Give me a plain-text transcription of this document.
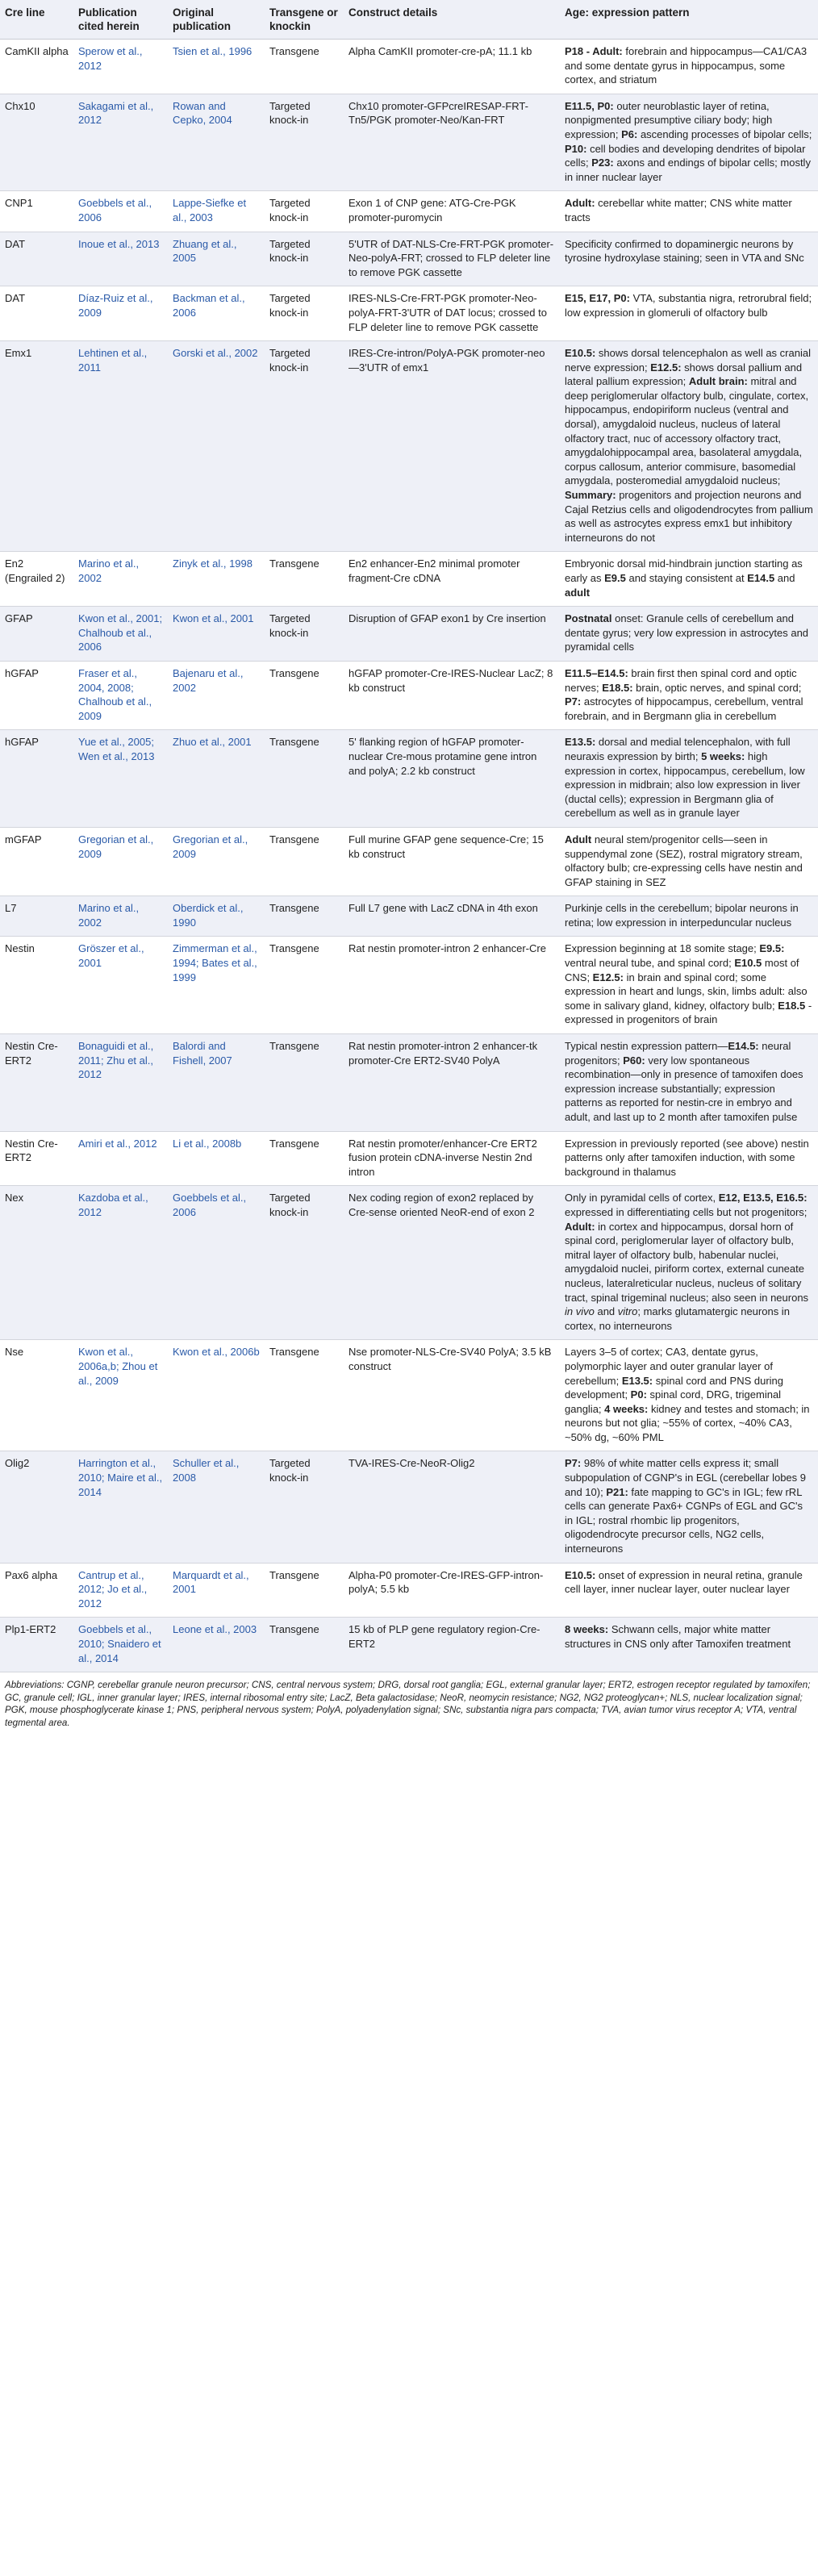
Cre line	Publication cited herein	Original publication	Transgene or knockin	Construct details	Age: expression pattern
CamKII alpha	Sperow et al., 2012	Tsien et al., 1996	Transgene	Alpha CamKII promoter-cre-pA; 11.1 kb	P18 - Adult: forebrain and hippocampus—CA1/CA3 and some dentate gyrus in hippocampus, some cortex, and striatum
Chx10	Sakagami et al., 2012	Rowan and Cepko, 2004	Targeted knock-in	Chx10 promoter-GFPcreIRESAP-FRT-Tn5/PGK promoter-Neo/Kan-FRT	E11.5, P0: outer neuroblastic layer of retina, nonpigmented presumptive ciliary body; high expression; P6: ascending processes of bipolar cells; P10: cell bodies and developing dendrites of bipolar cells; P23: axons and endings of bipolar cells; mostly in inner nuclear layer
CNP1	Goebbels et al., 2006	Lappe-Siefke et al., 2003	Targeted knock-in	Exon 1 of CNP gene: ATG-Cre-PGK promoter-puromycin	Adult: cerebellar white matter; CNS white matter tracts
DAT	Inoue et al., 2013	Zhuang et al., 2005	Targeted knock-in	5'UTR of DAT-NLS-Cre-FRT-PGK promoter-Neo-polyA-FRT; crossed to FLP deleter line to remove PGK cassette	Specificity confirmed to dopaminergic neurons by tyrosine hydroxylase staining; seen in VTA and SNc
DAT	Díaz-Ruiz et al., 2009	Backman et al., 2006	Targeted knock-in	IRES-NLS-Cre-FRT-PGK promoter-Neo-polyA-FRT-3'UTR of DAT locus; crossed to FLP deleter line to remove PGK cassette	E15, E17, P0: VTA, substantia nigra, retrorubral field; low expression in glomeruli of olfactory bulb
Emx1	Lehtinen et al., 2011	Gorski et al., 2002	Targeted knock-in	IRES-Cre-intron/PolyA-PGK promoter-neo—3'UTR of emx1	E10.5: shows dorsal telencephalon as well as cranial nerve expression; E12.5: shows dorsal pallium and lateral pallium expression; Adult brain: mitral and deep periglomerular olfactory bulb, cingulate, cortex, hippocampus, endopiriform nucleus (ventral and dorsal), amygdaloid nucleus, nucleus of lateral olfactory tract, nuc of accessory olfactory tract, amygdalohippocampal area, basolateral amygdala, corpus callosum, anterior commisure, basomedial amygdala, posteromedial amygdaloid nucleus; Summary: progenitors and projection neurons and Cajal Retzius cells and oligodendrocytes from pallium as well as astrocytes express emx1 but inhibitory interneurons do not
En2 (Engrailed 2)	Marino et al., 2002	Zinyk et al., 1998	Transgene	En2 enhancer-En2 minimal promoter fragment-Cre cDNA	Embryonic dorsal mid-hindbrain junction starting as early as E9.5 and staying consistent at E14.5 and adult
GFAP	Kwon et al., 2001; Chalhoub et al., 2006	Kwon et al., 2001	Targeted knock-in	Disruption of GFAP exon1 by Cre insertion	Postnatal onset: Granule cells of cerebellum and dentate gyrus; very low expression in astrocytes and pyramidal cells
hGFAP	Fraser et al., 2004, 2008; Chalhoub et al., 2009	Bajenaru et al., 2002	Transgene	hGFAP promoter-Cre-IRES-Nuclear LacZ; 8 kb construct	E11.5–E14.5: brain first then spinal cord and optic nerves; E18.5: brain, optic nerves, and spinal cord; P7: astrocytes of hippocampus, cerebellum, ventral forebrain, and in Bergmann glia in cerebellum
hGFAP	Yue et al., 2005; Wen et al., 2013	Zhuo et al., 2001	Transgene	5' flanking region of hGFAP promoter-nuclear Cre-mous protamine gene intron and polyA; 2.2 kb construct	E13.5: dorsal and medial telencephalon, with full neuraxis expression by birth; 5 weeks: high expression in cortex, hippocampus, cerebellum, low expression in midbrain; also low expression in liver (ductal cells); expression in Bergmann glia of cerebellum as well as in granule layer
mGFAP	Gregorian et al., 2009	Gregorian et al., 2009	Transgene	Full murine GFAP gene sequence-Cre; 15 kb construct	Adult neural stem/progenitor cells—seen in suppendymal zone (SEZ), rostral migratory stream, olfactory bulb; cre-expressing cells have nestin and GFAP staining in SEZ
L7	Marino et al., 2002	Oberdick et al., 1990	Transgene	Full L7 gene with LacZ cDNA in 4th exon	Purkinje cells in the cerebellum; bipolar neurons in retina; low expression in interpeduncular nucleus
Nestin	Gröszer et al., 2001	Zimmerman et al., 1994; Bates et al., 1999	Transgene	Rat nestin promoter-intron 2 enhancer-Cre	Expression beginning at 18 somite stage; E9.5: ventral neural tube, and spinal cord; E10.5 most of CNS; E12.5: in brain and spinal cord; some expression in heart and lungs, skin, limbs adult: also some in salivary gland, kidney, olfactory bulb; E18.5 - expressed in progenitors of brain
Nestin Cre-ERT2	Bonaguidi et al., 2011; Zhu et al., 2012	Balordi and Fishell, 2007	Transgene	Rat nestin promoter-intron 2 enhancer-tk promoter-Cre ERT2-SV40 PolyA	Typical nestin expression pattern—E14.5: neural progenitors; P60: very low spontaneous recombination—only in presence of tamoxifen does expression increase substantially; expression patterns as reported for nestin-cre in embryo and adult, and last up to 2 month after tamoxifen pulse
Nestin Cre-ERT2	Amiri et al., 2012	Li et al., 2008b	Transgene	Rat nestin promoter/enhancer-Cre ERT2 fusion protein cDNA-inverse Nestin 2nd intron	Expression in previously reported (see above) nestin patterns only after tamoxifen induction, with some background in thalamus
Nex	Kazdoba et al., 2012	Goebbels et al., 2006	Targeted knock-in	Nex coding region of exon2 replaced by Cre-sense oriented NeoR-end of exon 2	Only in pyramidal cells of cortex, E12, E13.5, E16.5: expressed in differentiating cells but not progenitors; Adult: in cortex and hippocampus, dorsal horn of spinal cord, periglomerular layer of olfactory bulb, mitral layer of olfactory bulb, habenular nuclei, amygdaloid nuclei, piriform cortex, external cuneate nucleus, lateralreticular nucleus, nucleus of solitary tract, spinal trigeminal nucleus; also seen in neurons in vivo and vitro; marks glutamatergic neurons in cortex, no interneurons
Nse	Kwon et al., 2006a,b; Zhou et al., 2009	Kwon et al., 2006b	Transgene	Nse promoter-NLS-Cre-SV40 PolyA; 3.5 kB construct	Layers 3–5 of cortex; CA3, dentate gyrus, polymorphic layer and outer granular layer of cerebellum; E13.5: spinal cord and PNS during development; P0: spinal cord, DRG, trigeminal ganglia; 4 weeks: kidney and testes and stomach; in neurons but not glia; ~55% of cortex, ~40% CA3, ~50% dg, ~60% PML
Olig2	Harrington et al., 2010; Maire et al., 2014	Schuller et al., 2008	Targeted knock-in	TVA-IRES-Cre-NeoR-Olig2	P7: 98% of white matter cells express it; small subpopulation of CGNP's in EGL (cerebellar lobes 9 and 10); P21: fate mapping to GC's in IGL; few rRL cells can generate Pax6+ CGNPs of EGL and GC's in IGL; rostral rhombic lip progenitors, oligodendrocyte precursor cells, NG2 cells, interneurons
Pax6 alpha	Cantrup et al., 2012; Jo et al., 2012	Marquardt et al., 2001	Transgene	Alpha-P0 promoter-Cre-IRES-GFP-intron-polyA; 5.5 kb	E10.5: onset of expression in neural retina, granule cell layer, inner nuclear layer, outer nuclear layer
Plp1-ERT2	Goebbels et al., 2010; Snaidero et al., 2014	Leone et al., 2003	Transgene	15 kb of PLP gene regulatory region-Cre-ERT2	8 weeks: Schwann cells, major white matter structures in CNS only after Tamoxifen treatment
Abbreviations: CGNP, cerebellar granule neuron precursor; CNS, central nervous system; DRG, dorsal root ganglia; EGL, external granular layer; ERT2, estrogen receptor regulated by tamoxifen; GC, granule cell; IGL, inner granular layer; IRES, internal ribosomal entry site; LacZ, Beta galactosidase; NeoR, neomycin resistance; NG2, NG2 proteoglycan+; NLS, nuclear localization signal; PGK, mouse phosphoglycerate kinase 1; PNS, peripheral nervous system; PolyA, polyadenylation signal; SNc, substantia nigra pars compacta; TVA, avian tumor virus receptor A; VTA, ventral tegmental area.					
